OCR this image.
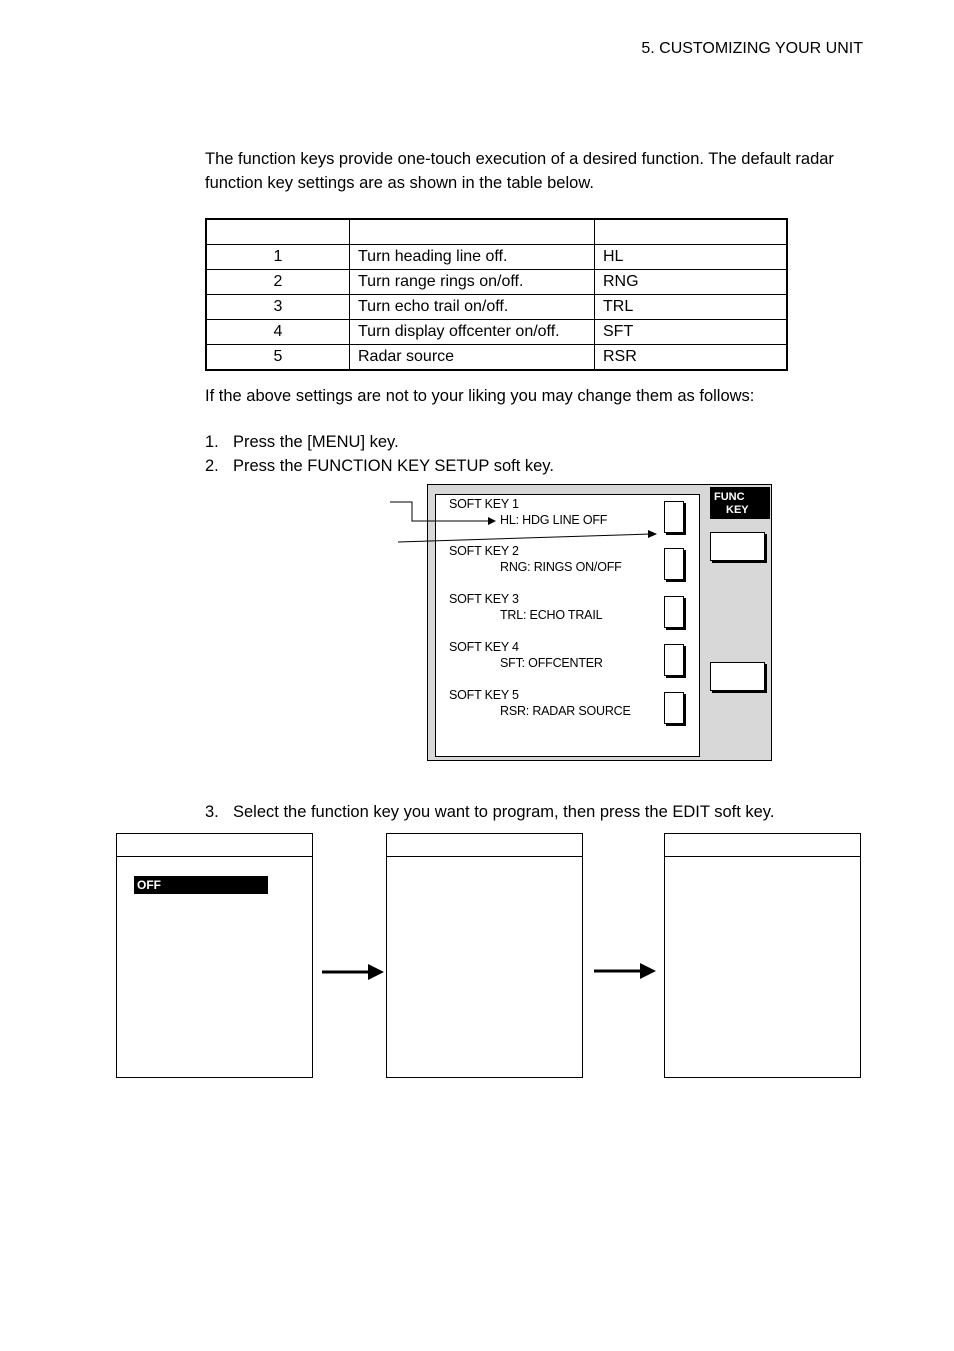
5. CUSTOMIZING YOUR UNIT
The function keys provide one-touch execution of a desired function. The default radar function key settings are as shown in the table below.

1	Turn heading line off.	HL
2	Turn range rings on/off.	RNG
3	Turn echo trail on/off.	TRL
4	Turn display offcenter on/off.	SFT
5	Radar source	RSR
If the above settings are not to your liking you may change them as follows:
1. Press the [MENU] key.
2. Press the FUNCTION KEY SETUP soft key.
SOFT KEY 1
HL: HDG LINE OFF
SOFT KEY 2
RNG: RINGS ON/OFF
SOFT KEY 3
TRL: ECHO TRAIL
SOFT KEY 4
SFT: OFFCENTER
SOFT KEY 5
RSR: RADAR SOURCE
FUNC
KEY
3. Select the function key you want to program, then press the EDIT soft key.
OFF
